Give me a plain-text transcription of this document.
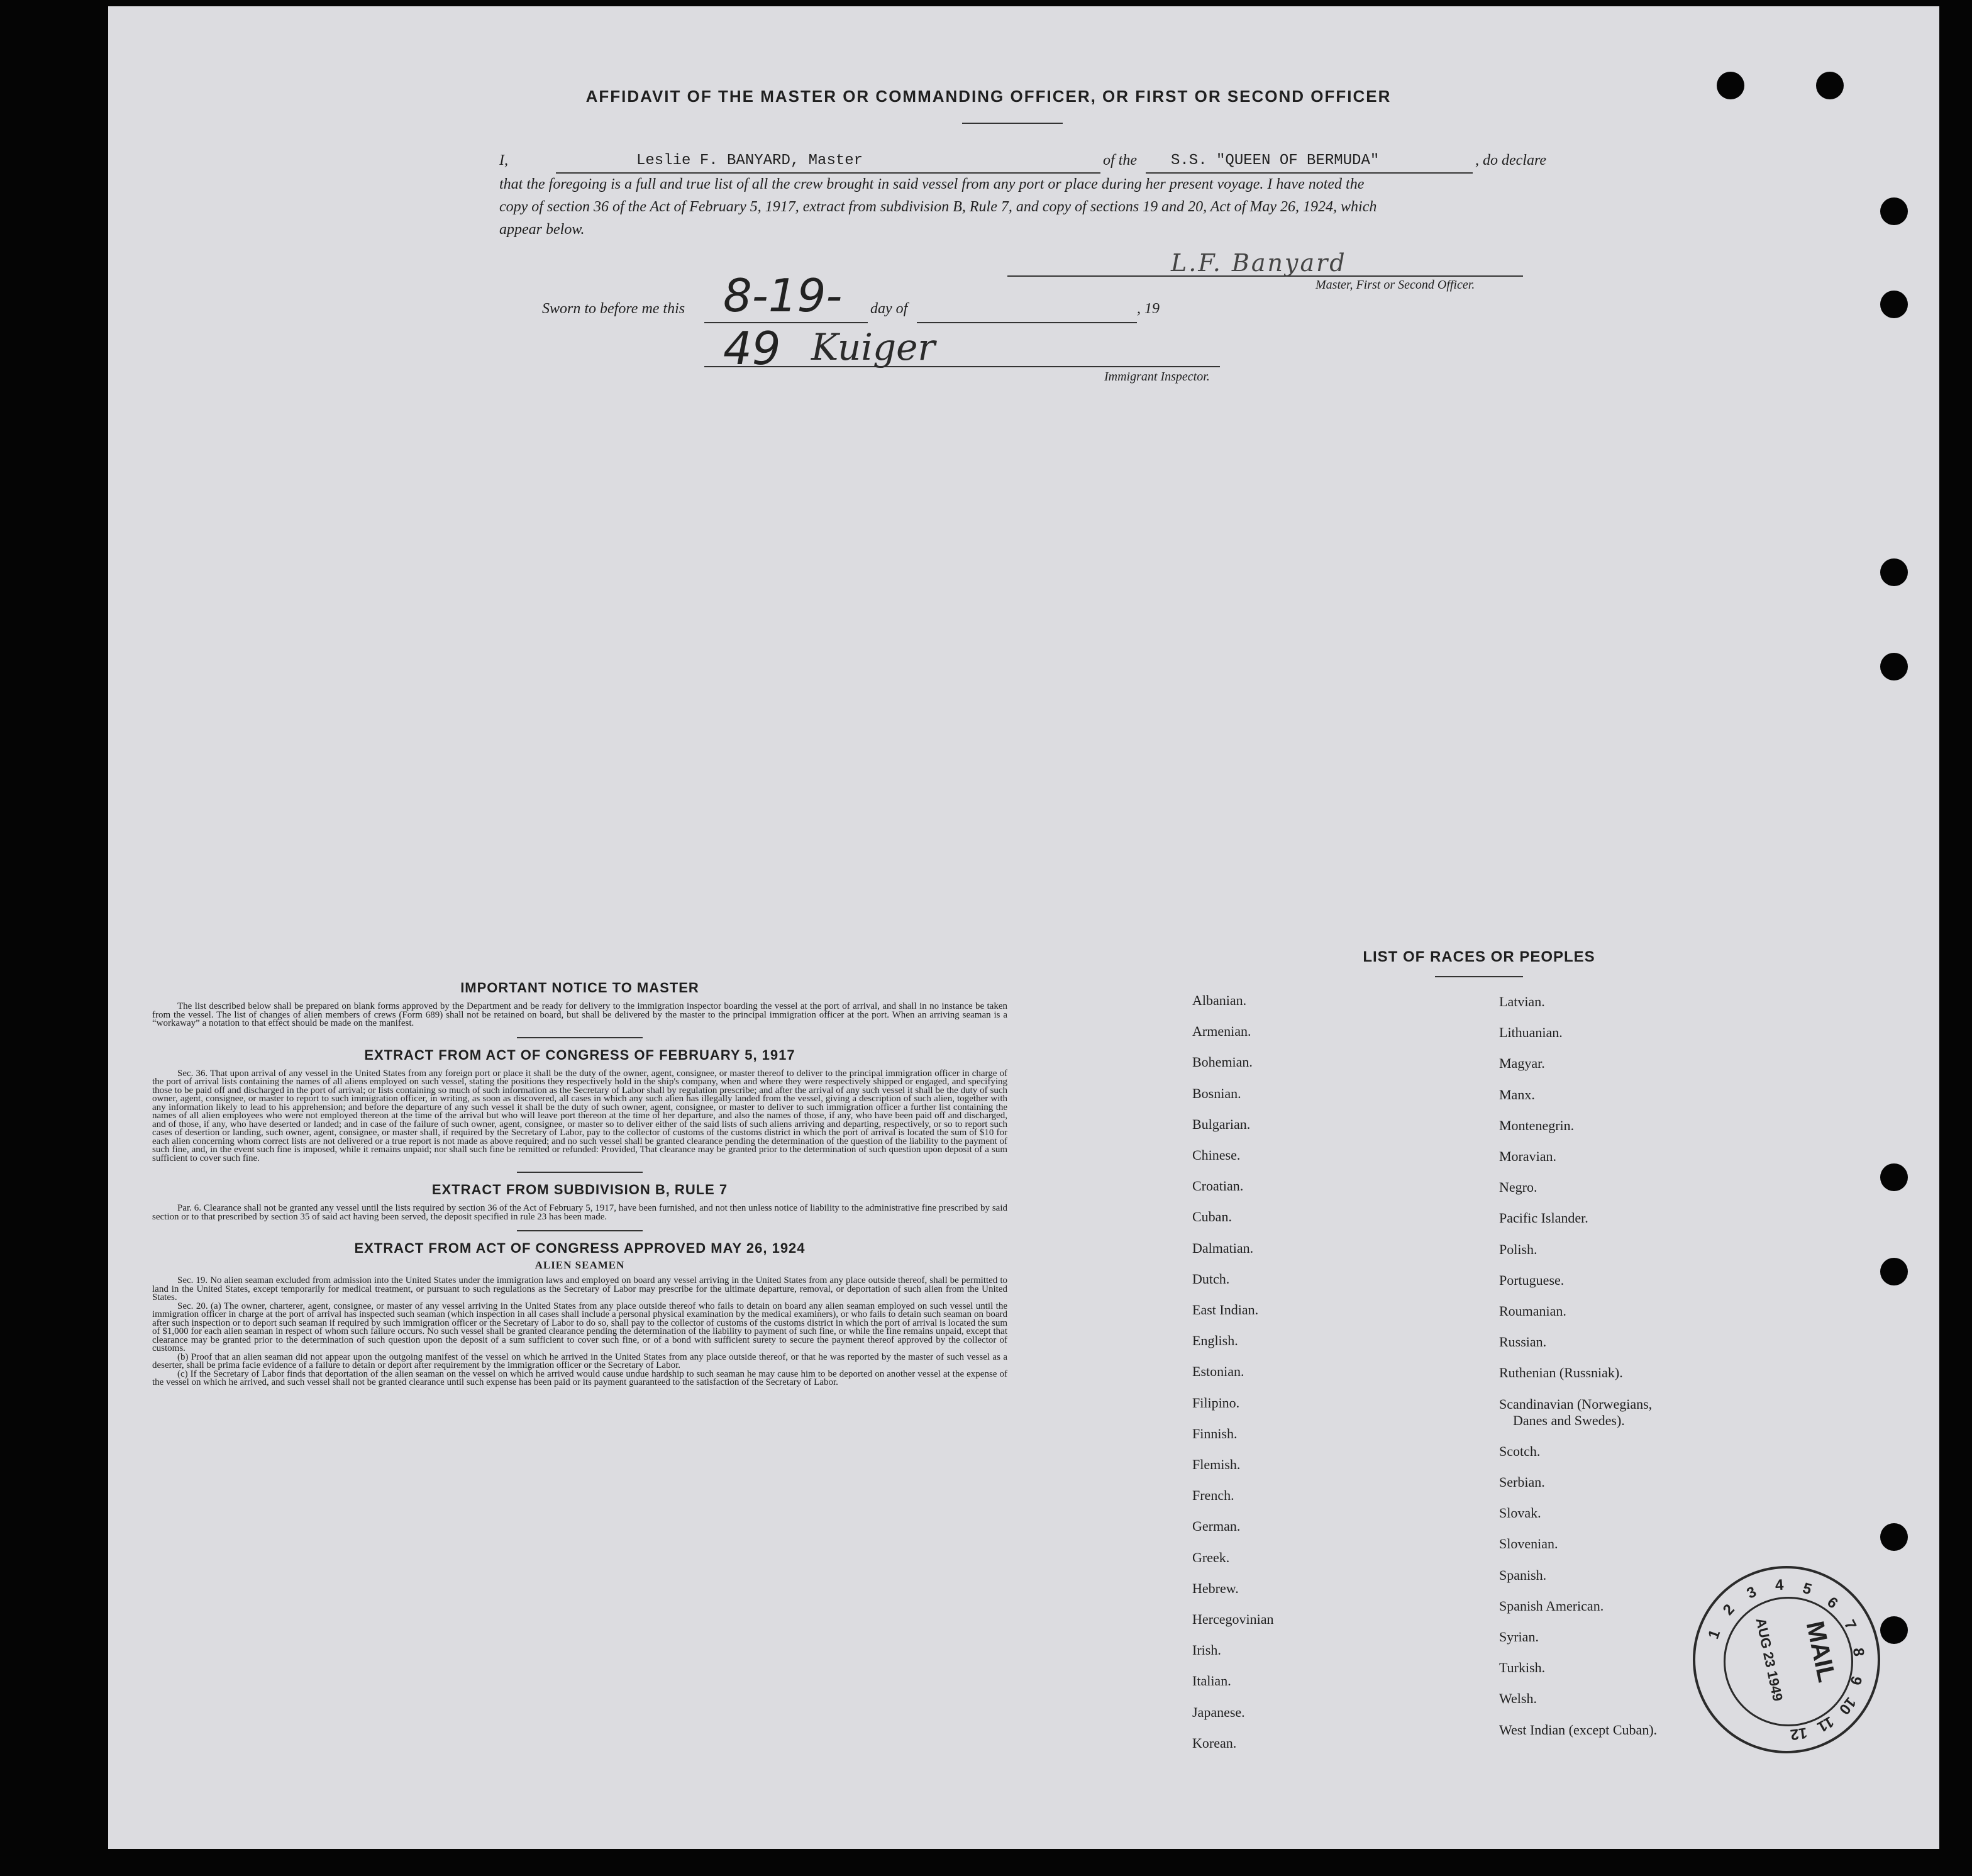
AFFIDAVIT OF THE MASTER OR COMMANDING OFFICER, OR FIRST OR SECOND OFFICER
I,	Leslie F. BANYARD, Master	of the S.S. "QUEEN OF BERMUDA"	, do declare
that the foregoing is a full and true list of all the crew brought in said vessel from any port or place during her present voyage. I have noted the
copy of section 36 of the Act of February 5, 1917, extract from subdivision B, Rule 7, and copy of sections 19 and 20, Act of May 26, 1924, which
appear below.
L.F. Banyard
Master, First or Second Officer.
Sworn to before me this 8-19-49
day of	, 19
Kuiger
Immigrant Inspector.

IMPORTANT NOTICE TO MASTER

The list described below shall be prepared on blank forms approved by the Department and be ready for delivery to the immigration inspector boarding the vessel at the port of arrival, and shall in no instance be taken from the vessel. The list of changes of alien members of crews (Form 689) shall not be retained on board, but shall be delivered by the master to the principal immigration officer at the port. When an arriving seaman is a “workaway” a notation to that effect should be made on the manifest.

EXTRACT FROM ACT OF CONGRESS OF FEBRUARY 5, 1917

Sec. 36. That upon arrival of any vessel in the United States from any foreign port or place it shall be the duty of the owner, agent, consignee, or master thereof to deliver to the principal immigration officer in charge of the port of arrival lists containing the names of all aliens employed on such vessel, stating the positions they respectively hold in the ship's company, when and where they were respectively shipped or engaged, and specifying those to be paid off and discharged in the port of arrival; or lists containing so much of such information as the Secretary of Labor shall by regulation prescribe; and after the arrival of any such vessel it shall be the duty of such owner, agent, consignee, or master to report to such immigration officer, in writing, as soon as discovered, all cases in which any such alien has illegally landed from the vessel, giving a description of such alien, together with any information likely to lead to his apprehension; and before the departure of any such vessel it shall be the duty of such owner, agent, consignee, or master to deliver to such immigration officer a further list containing the names of all alien employees who were not employed thereon at the time of the arrival but who will leave port thereon at the time of her departure, and also the names of those, if any, who have been paid off and discharged, and of those, if any, who have deserted or landed; and in case of the failure of such owner, agent, consignee, or master so to deliver either of the said lists of such aliens arriving and departing, respectively, or so to report such cases of desertion or landing, such owner, agent, consignee, or master shall, if required by the Secretary of Labor, pay to the collector of customs of the customs district in which the port of arrival is located the sum of $10 for each alien concerning whom correct lists are not delivered or a true report is not made as above required; and no such vessel shall be granted clearance pending the determination of the question of the liability to the payment of such fine, and, in the event such fine is imposed, while it remains unpaid; nor shall such fine be remitted or refunded: Provided, That clearance may be granted prior to the determination of such question upon deposit of a sum sufficient to cover such fine.

EXTRACT FROM SUBDIVISION B, RULE 7

Par. 6. Clearance shall not be granted any vessel until the lists required by section 36 of the Act of February 5, 1917, have been furnished, and not then unless notice of liability to the administrative fine prescribed by said section or to that prescribed by section 35 of said act having been served, the deposit specified in rule 23 has been made.

EXTRACT FROM ACT OF CONGRESS APPROVED MAY 26, 1924

ALIEN SEAMEN

Sec. 19. No alien seaman excluded from admission into the United States under the immigration laws and employed on board any vessel arriving in the United States from any place outside thereof, shall be permitted to land in the United States, except temporarily for medical treatment, or pursuant to such regulations as the Secretary of Labor may prescribe for the ultimate departure, removal, or deportation of such alien from the United States.

Sec. 20. (a) The owner, charterer, agent, consignee, or master of any vessel arriving in the United States from any place outside thereof who fails to detain on board any alien seaman employed on such vessel until the immigration officer in charge at the port of arrival has inspected such seaman (which inspection in all cases shall include a personal physical examination by the medical examiners), or who fails to detain such seaman on board after such inspection or to deport such seaman if required by such immigration officer or the Secretary of Labor to do so, shall pay to the collector of customs of the customs district in which the port of arrival is located the sum of $1,000 for each alien seaman in respect of whom such failure occurs. No such vessel shall be granted clearance pending the determination of the liability to payment of such fine, or while the fine remains unpaid, except that clearance may be granted prior to the determination of such question upon the deposit of a sum sufficient to cover such fine, or of a bond with sufficient surety to secure the payment thereof approved by the collector of customs.

(b) Proof that an alien seaman did not appear upon the outgoing manifest of the vessel on which he arrived in the United States from any place outside thereof, or that he was reported by the master of such vessel as a deserter, shall be prima facie evidence of a failure to detain or deport after requirement by the immigration officer or the Secretary of Labor.

(c) If the Secretary of Labor finds that deportation of the alien seaman on the vessel on which he arrived would cause undue hardship to such seaman he may cause him to be deported on another vessel at the expense of the vessel on which he arrived, and such vessel shall not be granted clearance until such expense has been paid or its payment guaranteed to the satisfaction of the Secretary of Labor.

LIST OF RACES OR PEOPLES
Albanian.
Armenian.
Bohemian.
Bosnian.
Bulgarian.
Chinese.
Croatian.
Cuban.
Dalmatian.
Dutch.
East Indian.
English.
Estonian.
Filipino.
Finnish.
Flemish.
French.
German.
Greek.
Hebrew.
Hercegovinian
Irish.
Italian.
Japanese.
Korean.
Latvian.
Lithuanian.
Magyar.
Manx.
Montenegrin.
Moravian.
Negro.
Pacific Islander.
Polish.
Portuguese.
Roumanian.
Russian.
Ruthenian (Russniak).
Scandinavian (Norwegians,
Danes and Swedes).
Scotch.
Serbian.
Slovak.
Slovenian.
Spanish.
Spanish American.
Syrian.
Turkish.
Welsh.
West Indian (except Cuban).
MAIL
AUG 23 1949
1
2
3 4 5
6
7
8
9
10
11
12
